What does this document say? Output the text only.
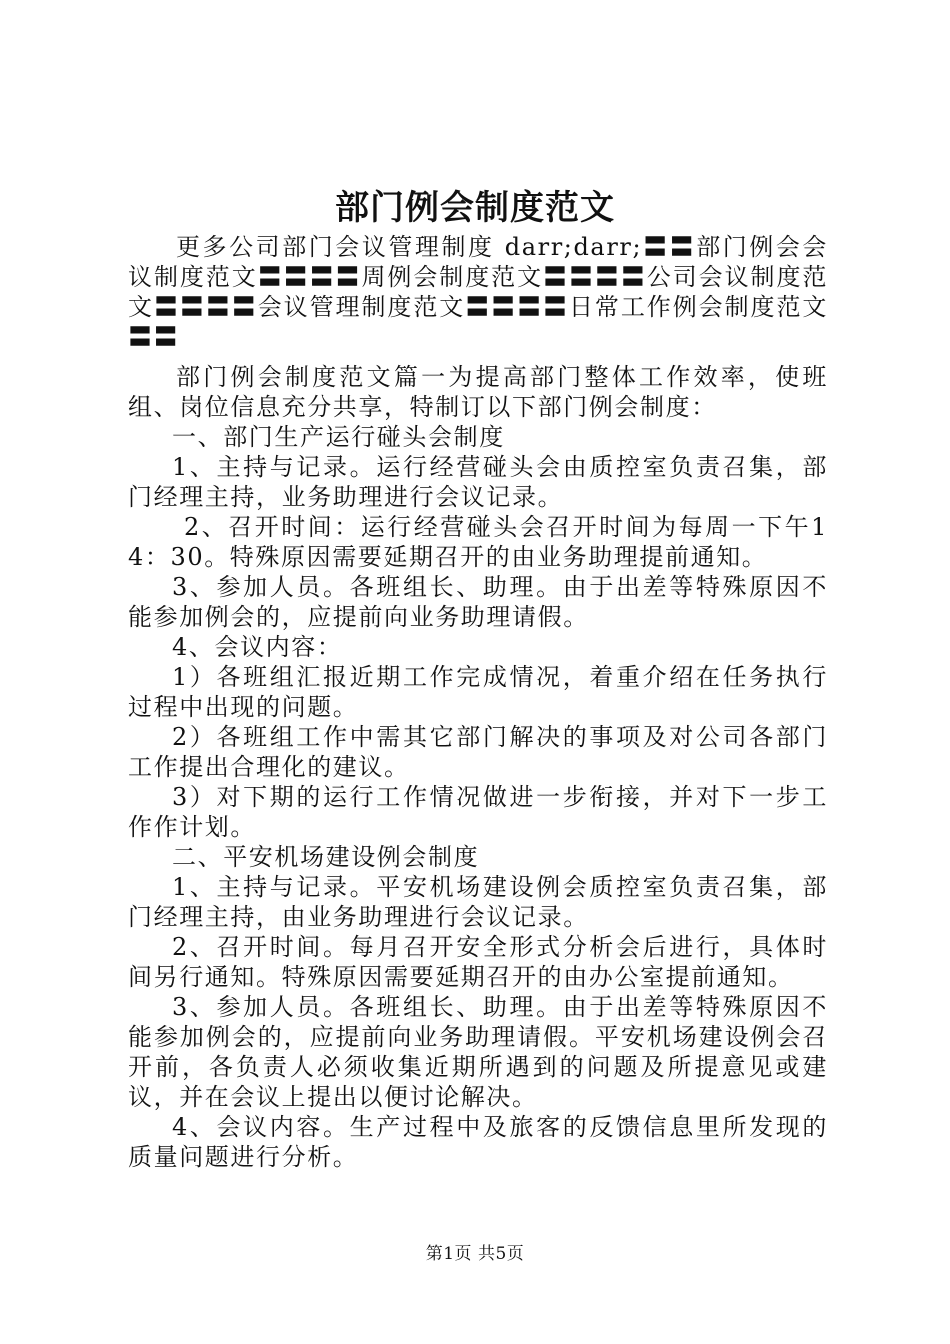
部门例会制度范文

更多公司部门会议管理制度 darr;darr;〓〓部门例会会议制度范文〓〓〓〓周例会制度范文〓〓〓〓公司会议制度范文〓〓〓〓会议管理制度范文〓〓〓〓日常工作例会制度范文〓〓

部门例会制度范文篇一为提高部门整体工作效率，使班组、岗位信息充分共享，特制订以下部门例会制度：

一、部门生产运行碰头会制度

1、主持与记录。运行经营碰头会由质控室负责召集，部门经理主持，业务助理进行会议记录。

2、召开时间：运行经营碰头会召开时间为每周一下午14：30。特殊原因需要延期召开的由业务助理提前通知。

3、参加人员。各班组长、助理。由于出差等特殊原因不能参加例会的，应提前向业务助理请假。

4、会议内容：

1）各班组汇报近期工作完成情况，着重介绍在任务执行过程中出现的问题。

2）各班组工作中需其它部门解决的事项及对公司各部门工作提出合理化的建议。

3）对下期的运行工作情况做进一步衔接，并对下一步工作作计划。

二、平安机场建设例会制度

1、主持与记录。平安机场建设例会质控室负责召集，部门经理主持，由业务助理进行会议记录。

2、召开时间。每月召开安全形式分析会后进行，具体时间另行通知。特殊原因需要延期召开的由办公室提前通知。

3、参加人员。各班组长、助理。由于出差等特殊原因不能参加例会的，应提前向业务助理请假。平安机场建设例会召开前，各负责人必须收集近期所遇到的问题及所提意见或建议，并在会议上提出以便讨论解决。

4、会议内容。生产过程中及旅客的反馈信息里所发现的质量问题进行分析。

第1页 共5页
